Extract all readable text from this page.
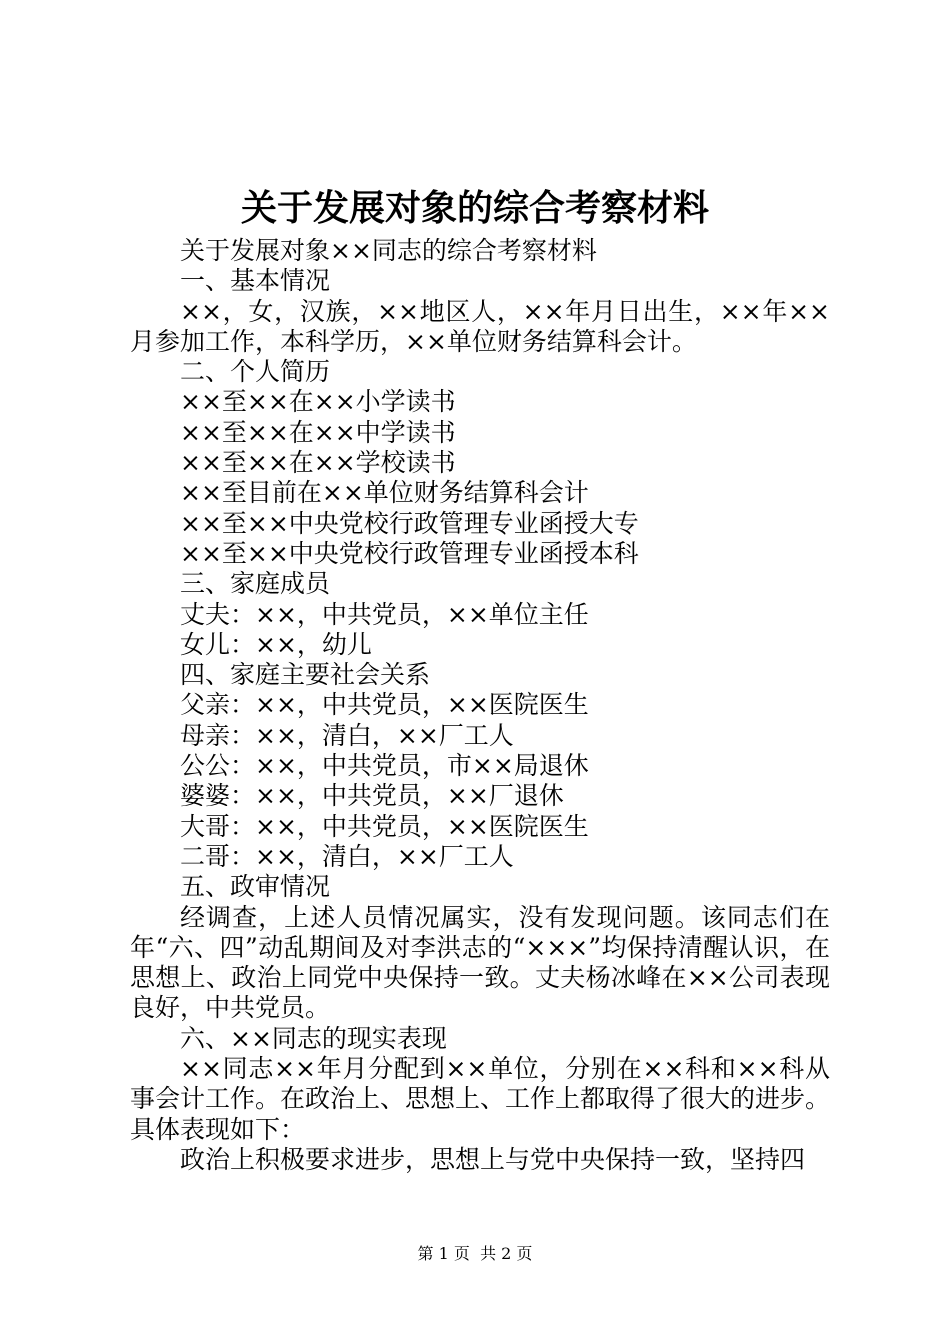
关于发展对象的综合考察材料

关于发展对象××同志的综合考察材料

一、基本情况

××，女，汉族，××地区人，××年月日出生，××年××月参加工作，本科学历，××单位财务结算科会计。

二、个人简历

××至××在××小学读书

××至××在××中学读书

××至××在××学校读书

××至目前在××单位财务结算科会计

××至××中央党校行政管理专业函授大专

××至××中央党校行政管理专业函授本科

三、家庭成员

丈夫：××，中共党员，××单位主任

女儿：××，幼儿

四、家庭主要社会关系

父亲：××，中共党员，××医院医生

母亲：××，清白，××厂工人

公公：××，中共党员，市××局退休

婆婆：××，中共党员，××厂退休

大哥：××，中共党员，××医院医生

二哥：××，清白，××厂工人

五、政审情况

经调查，上述人员情况属实，没有发现问题。该同志们在年“六、四”动乱期间及对李洪志的“×××”均保持清醒认识，在思想上、政治上同党中央保持一致。丈夫杨冰峰在××公司表现良好，中共党员。

六、××同志的现实表现

××同志××年月分配到××单位，分别在××科和××科从事会计工作。在政治上、思想上、工作上都取得了很大的进步。具体表现如下：

政治上积极要求进步，思想上与党中央保持一致，坚持四

第 1 页  共 2 页
